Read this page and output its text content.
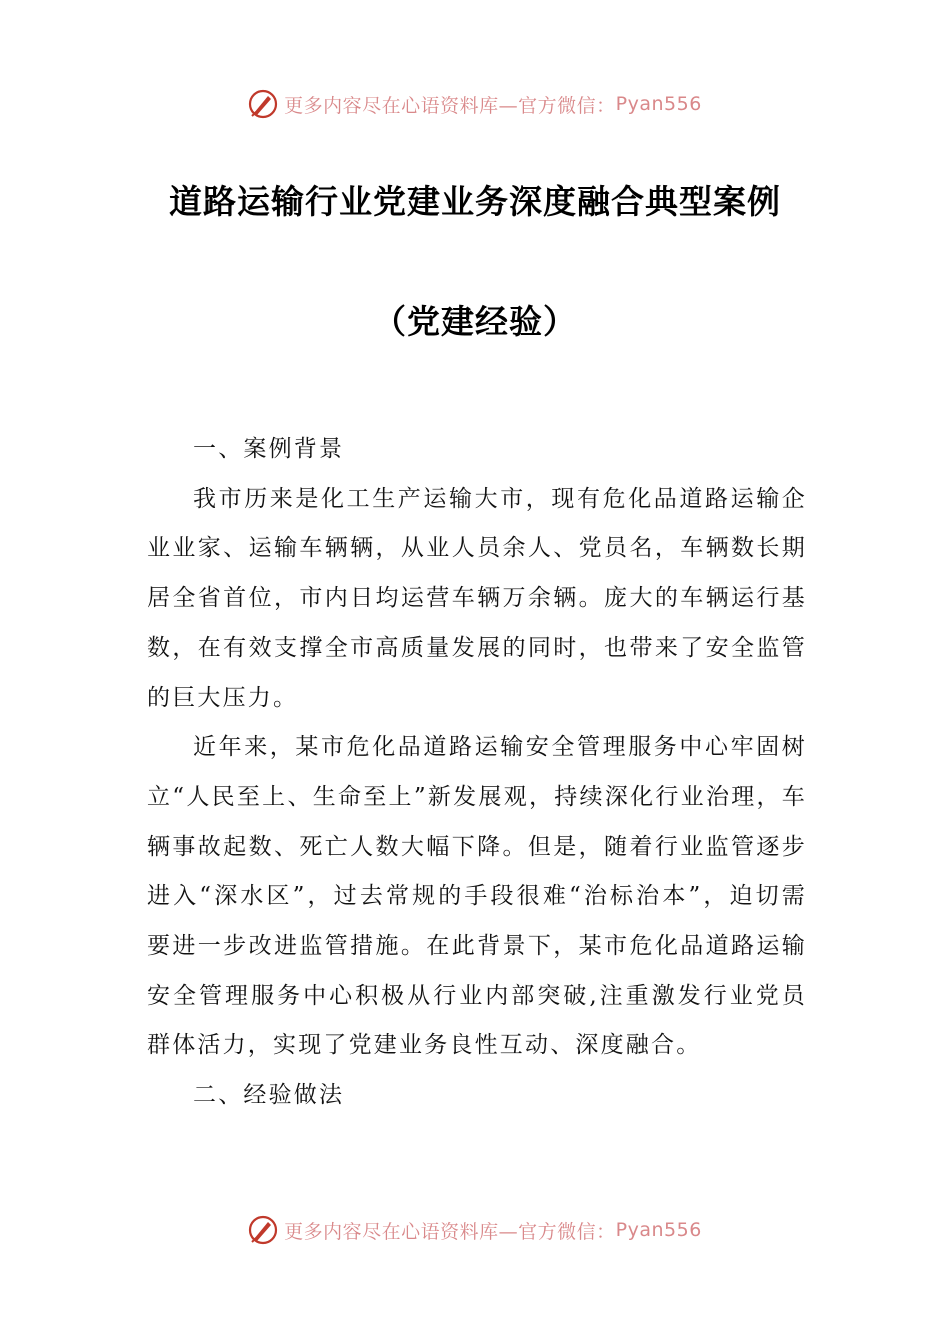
更多内容尽在心语资料库—官方微信： Pyan556
道路运输行业党建业务深度融合典型案例
（党建经验）

一、案例背景

我市历来是化工生产运输大市，现有危化品道路运输企业业家、运输车辆辆，从业人员余人、党员名，车辆数长期居全省首位，市内日均运营车辆万余辆。庞大的车辆运行基数，在有效支撑全市高质量发展的同时，也带来了安全监管的巨大压力。

近年来，某市危化品道路运输安全管理服务中心牢固树立“人民至上、生命至上”新发展观，持续深化行业治理，车辆事故起数、死亡人数大幅下降。但是，随着行业监管逐步进入“深水区”，过去常规的手段很难“治标治本”，迫切需要进一步改进监管措施。在此背景下，某市危化品道路运输安全管理服务中心积极从行业内部突破,注重激发行业党员群体活力，实现了党建业务良性互动、深度融合。

二、经验做法

更多内容尽在心语资料库—官方微信： Pyan556
